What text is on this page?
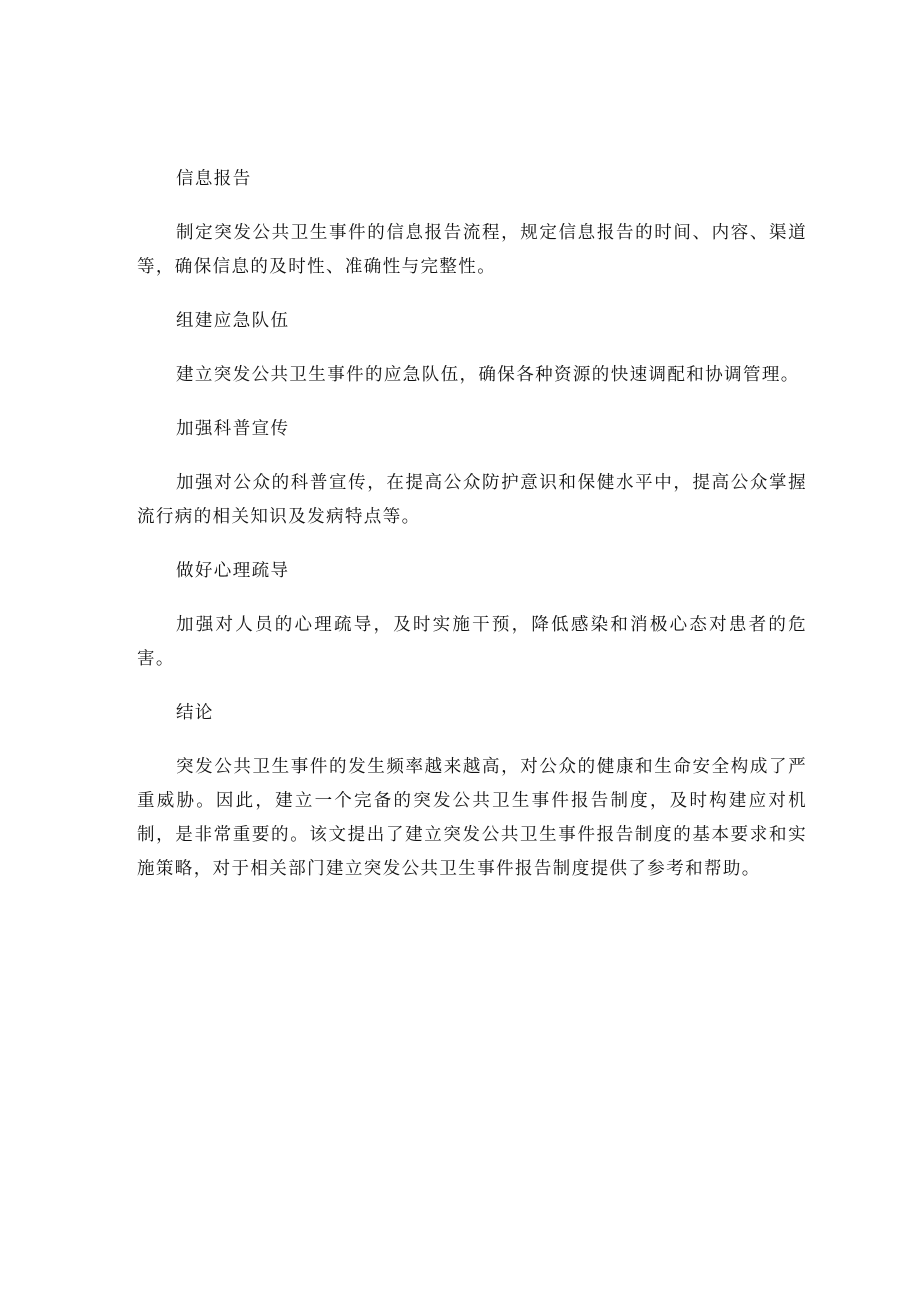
信息报告

制定突发公共卫生事件的信息报告流程，规定信息报告的时间、内容、渠道等，确保信息的及时性、准确性与完整性。

组建应急队伍

建立突发公共卫生事件的应急队伍，确保各种资源的快速调配和协调管理。

加强科普宣传

加强对公众的科普宣传，在提高公众防护意识和保健水平中，提高公众掌握流行病的相关知识及发病特点等。

做好心理疏导

加强对人员的心理疏导，及时实施干预，降低感染和消极心态对患者的危害。

结论

突发公共卫生事件的发生频率越来越高，对公众的健康和生命安全构成了严重威胁。因此，建立一个完备的突发公共卫生事件报告制度，及时构建应对机制，是非常重要的。该文提出了建立突发公共卫生事件报告制度的基本要求和实施策略，对于相关部门建立突发公共卫生事件报告制度提供了参考和帮助。
